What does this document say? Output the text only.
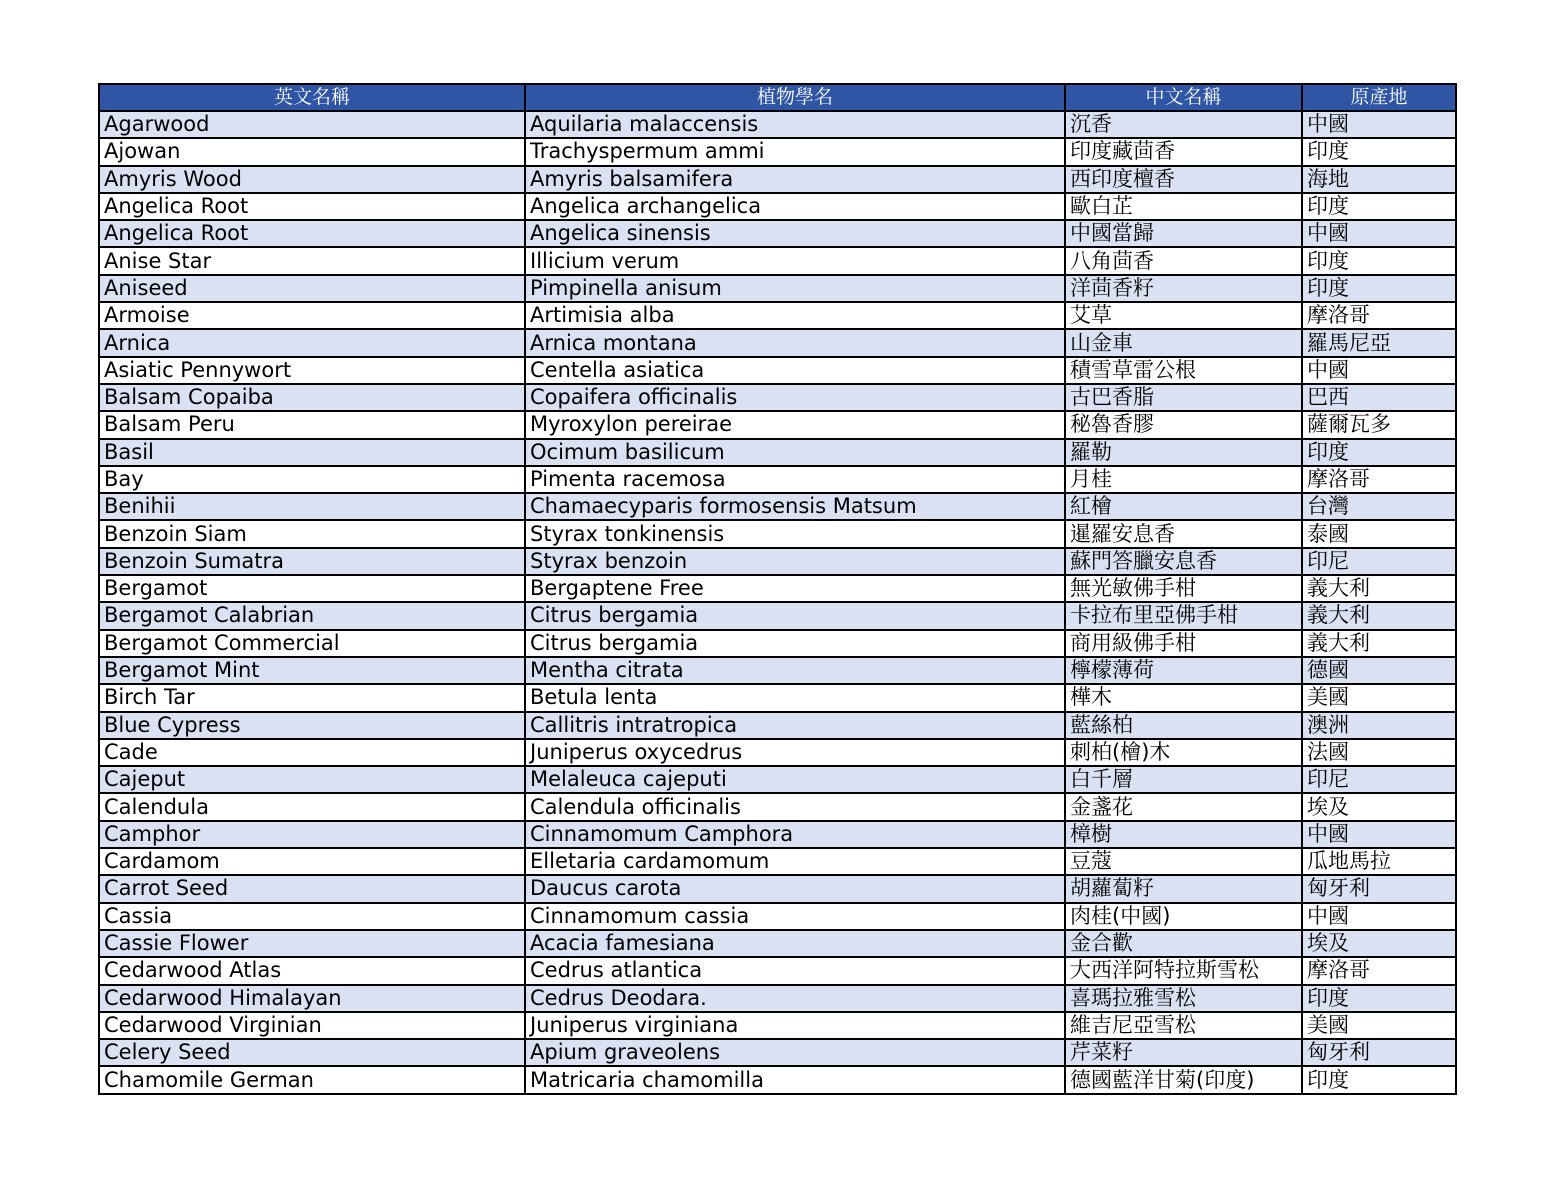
英文名稱	植物學名	中文名稱	原產地
Agarwood	Aquilaria malaccensis	沉香	中國
Ajowan	Trachyspermum ammi	印度藏茴香	印度
Amyris Wood	Amyris balsamifera	西印度檀香	海地
Angelica Root	Angelica archangelica	歐白芷	印度
Angelica Root	Angelica sinensis	中國當歸	中國
Anise Star	Illicium verum	八角茴香	印度
Aniseed	Pimpinella anisum	洋茴香籽	印度
Armoise	Artimisia alba	艾草	摩洛哥
Arnica	Arnica montana	山金車	羅馬尼亞
Asiatic Pennywort	Centella asiatica	積雪草雷公根	中國
Balsam Copaiba	Copaifera officinalis	古巴香脂	巴西
Balsam Peru	Myroxylon pereirae	秘魯香膠	薩爾瓦多
Basil	Ocimum basilicum	羅勒	印度
Bay	Pimenta racemosa	月桂	摩洛哥
Benihii	Chamaecyparis formosensis Matsum	紅檜	台灣
Benzoin Siam	Styrax tonkinensis	暹羅安息香	泰國
Benzoin Sumatra	Styrax benzoin	蘇門答臘安息香	印尼
Bergamot	Bergaptene Free	無光敏佛手柑	義大利
Bergamot Calabrian	Citrus bergamia	卡拉布里亞佛手柑	義大利
Bergamot Commercial	Citrus bergamia	商用級佛手柑	義大利
Bergamot Mint	Mentha citrata	檸檬薄荷	德國
Birch Tar	Betula lenta	樺木	美國
Blue Cypress	Callitris intratropica	藍絲柏	澳洲
Cade	Juniperus oxycedrus	刺柏(檜)木	法國
Cajeput	Melaleuca cajeputi	白千層	印尼
Calendula	Calendula officinalis	金盞花	埃及
Camphor	Cinnamomum Camphora	樟樹	中國
Cardamom	Elletaria cardamomum	豆蔻	瓜地馬拉
Carrot Seed	Daucus carota	胡蘿蔔籽	匈牙利
Cassia	Cinnamomum cassia	肉桂(中國)	中國
Cassie Flower	Acacia famesiana	金合歡	埃及
Cedarwood Atlas	Cedrus atlantica	大西洋阿特拉斯雪松	摩洛哥
Cedarwood Himalayan	Cedrus Deodara.	喜瑪拉雅雪松	印度
Cedarwood Virginian	Juniperus virginiana	維吉尼亞雪松	美國
Celery Seed	Apium graveolens	芹菜籽	匈牙利
Chamomile German	Matricaria chamomilla	德國藍洋甘菊(印度)	印度
